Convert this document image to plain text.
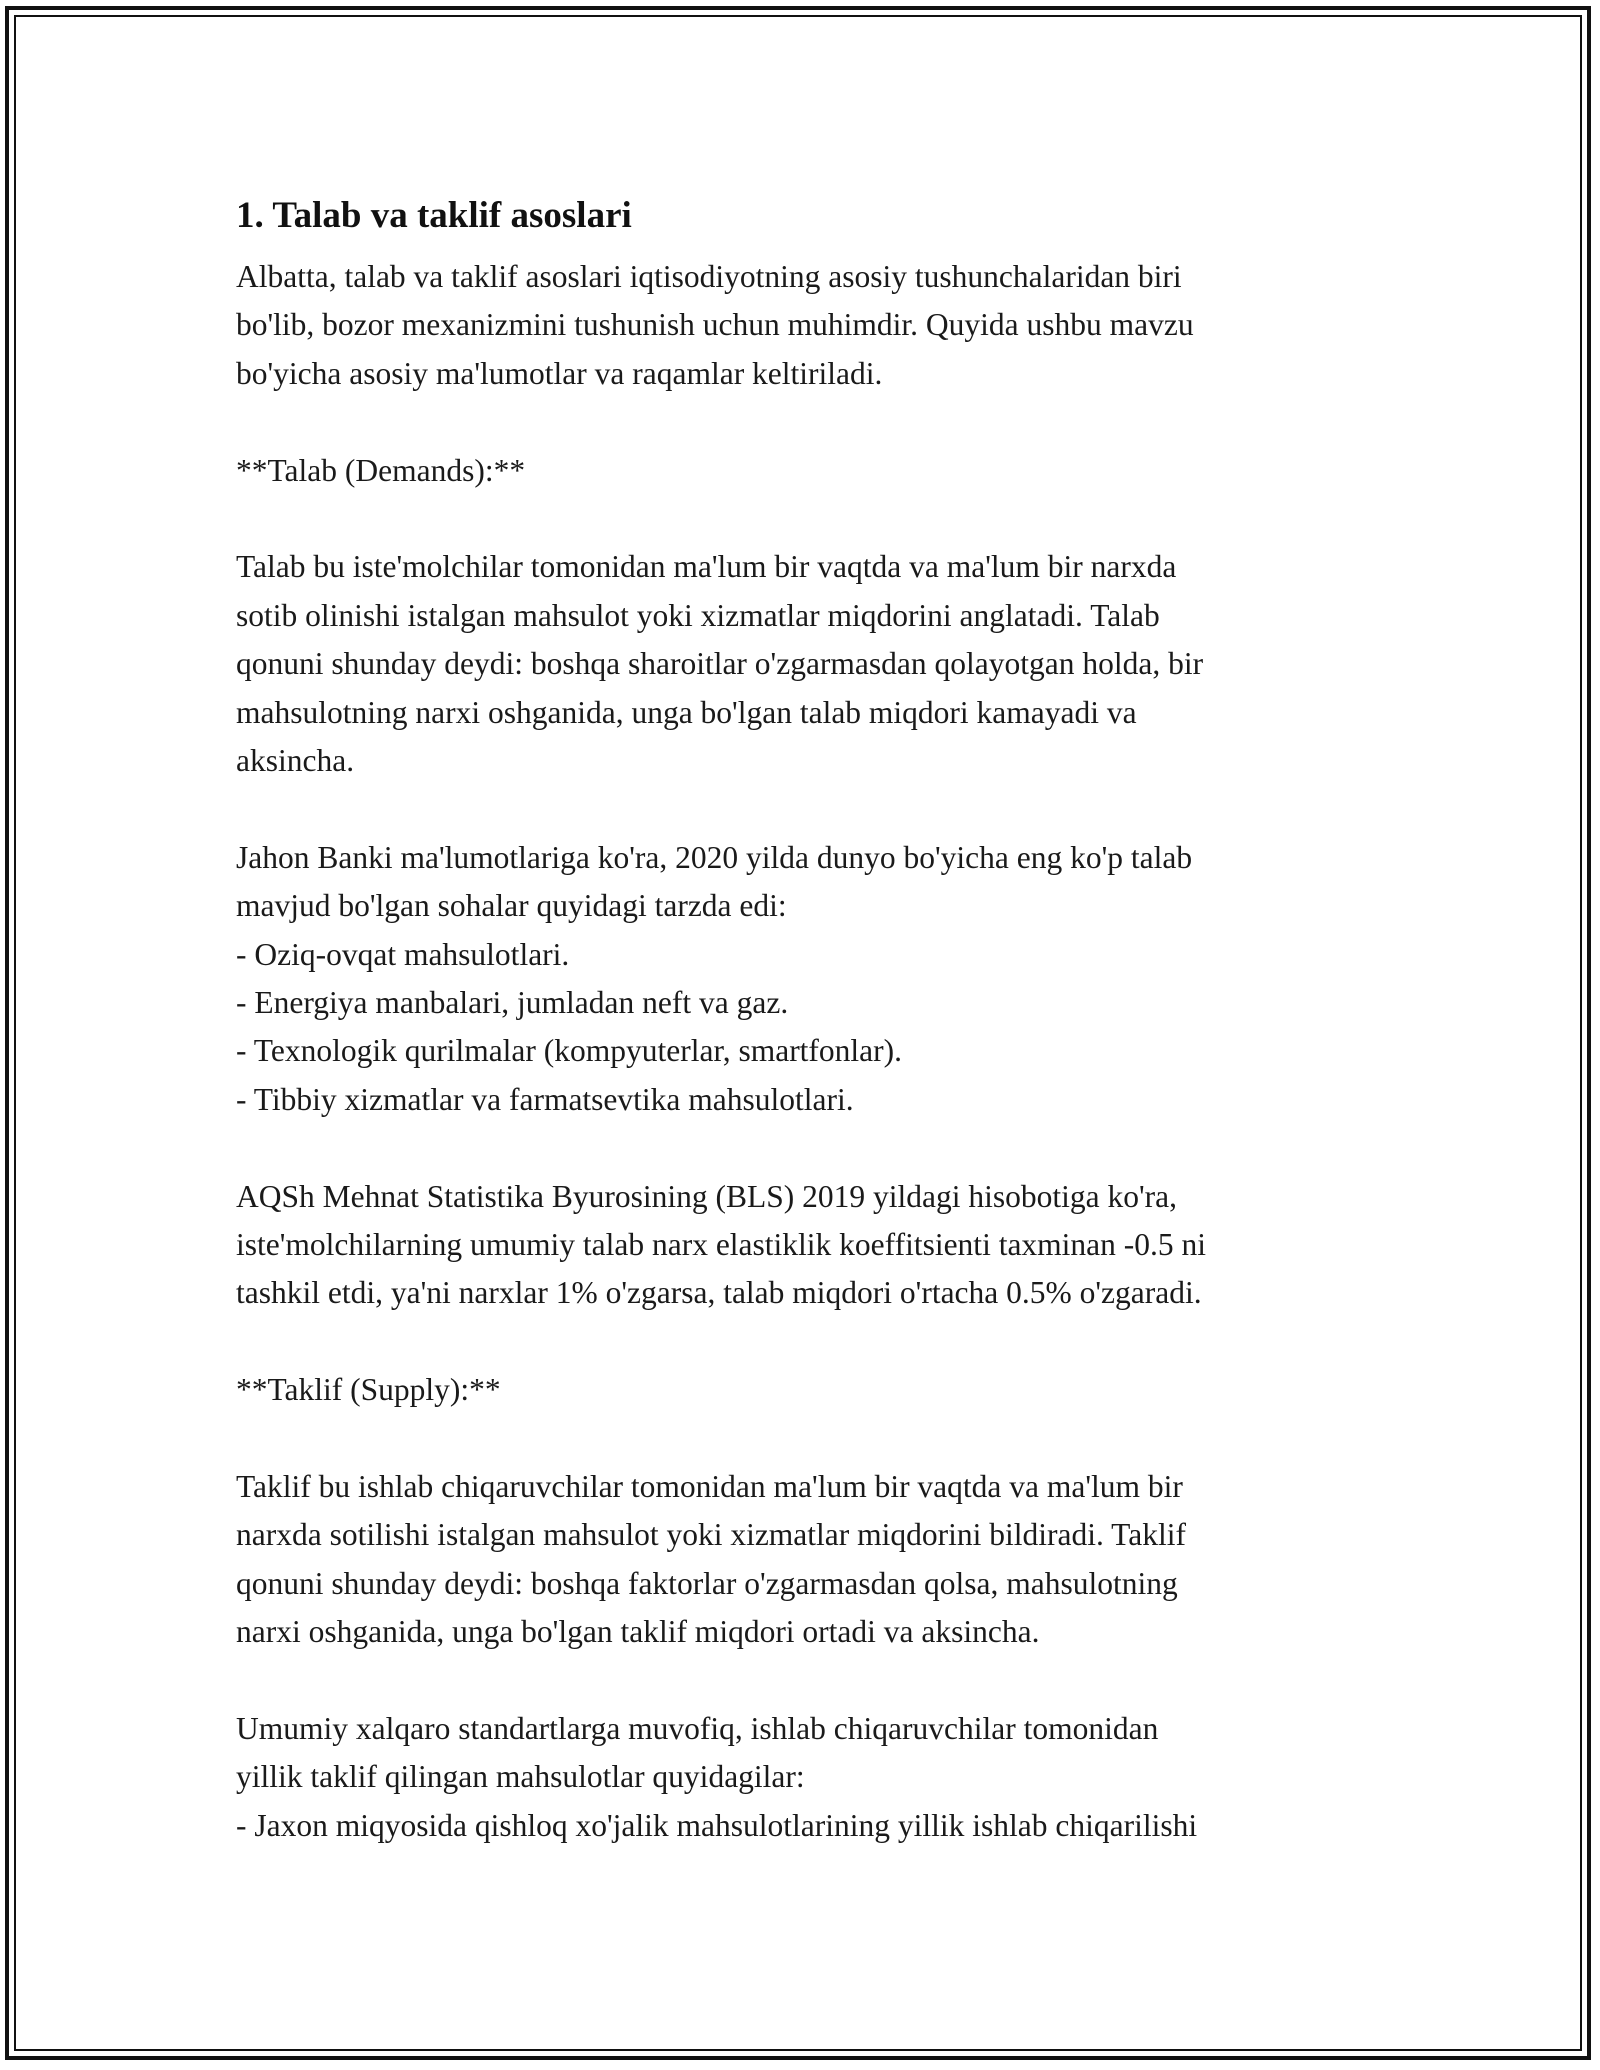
1. Talab va taklif asoslari

Albatta, talab va taklif asoslari iqtisodiyotning asosiy tushunchalaridan biri
bo'lib, bozor mexanizmini tushunish uchun muhimdir. Quyida ushbu mavzu
bo'yicha asosiy ma'lumotlar va raqamlar keltiriladi.

**Talab (Demands):**

Talab bu iste'molchilar tomonidan ma'lum bir vaqtda va ma'lum bir narxda
sotib olinishi istalgan mahsulot yoki xizmatlar miqdorini anglatadi. Talab
qonuni shunday deydi: boshqa sharoitlar o'zgarmasdan qolayotgan holda, bir
mahsulotning narxi oshganida, unga bo'lgan talab miqdori kamayadi va
aksincha.

Jahon Banki ma'lumotlariga ko'ra, 2020 yilda dunyo bo'yicha eng ko'p talab
mavjud bo'lgan sohalar quyidagi tarzda edi:
- Oziq-ovqat mahsulotlari.
- Energiya manbalari, jumladan neft va gaz.
- Texnologik qurilmalar (kompyuterlar, smartfonlar).
- Tibbiy xizmatlar va farmatsevtika mahsulotlari.

AQSh Mehnat Statistika Byurosining (BLS) 2019 yildagi hisobotiga ko'ra,
iste'molchilarning umumiy talab narx elastiklik koeffitsienti taxminan -0.5 ni
tashkil etdi, ya'ni narxlar 1% o'zgarsa, talab miqdori o'rtacha 0.5% o'zgaradi.

**Taklif (Supply):**

Taklif bu ishlab chiqaruvchilar tomonidan ma'lum bir vaqtda va ma'lum bir
narxda sotilishi istalgan mahsulot yoki xizmatlar miqdorini bildiradi. Taklif
qonuni shunday deydi: boshqa faktorlar o'zgarmasdan qolsa, mahsulotning
narxi oshganida, unga bo'lgan taklif miqdori ortadi va aksincha.

Umumiy xalqaro standartlarga muvofiq, ishlab chiqaruvchilar tomonidan
yillik taklif qilingan mahsulotlar quyidagilar:
- Jaxon miqyosida qishloq xo'jalik mahsulotlarining yillik ishlab chiqarilishi
